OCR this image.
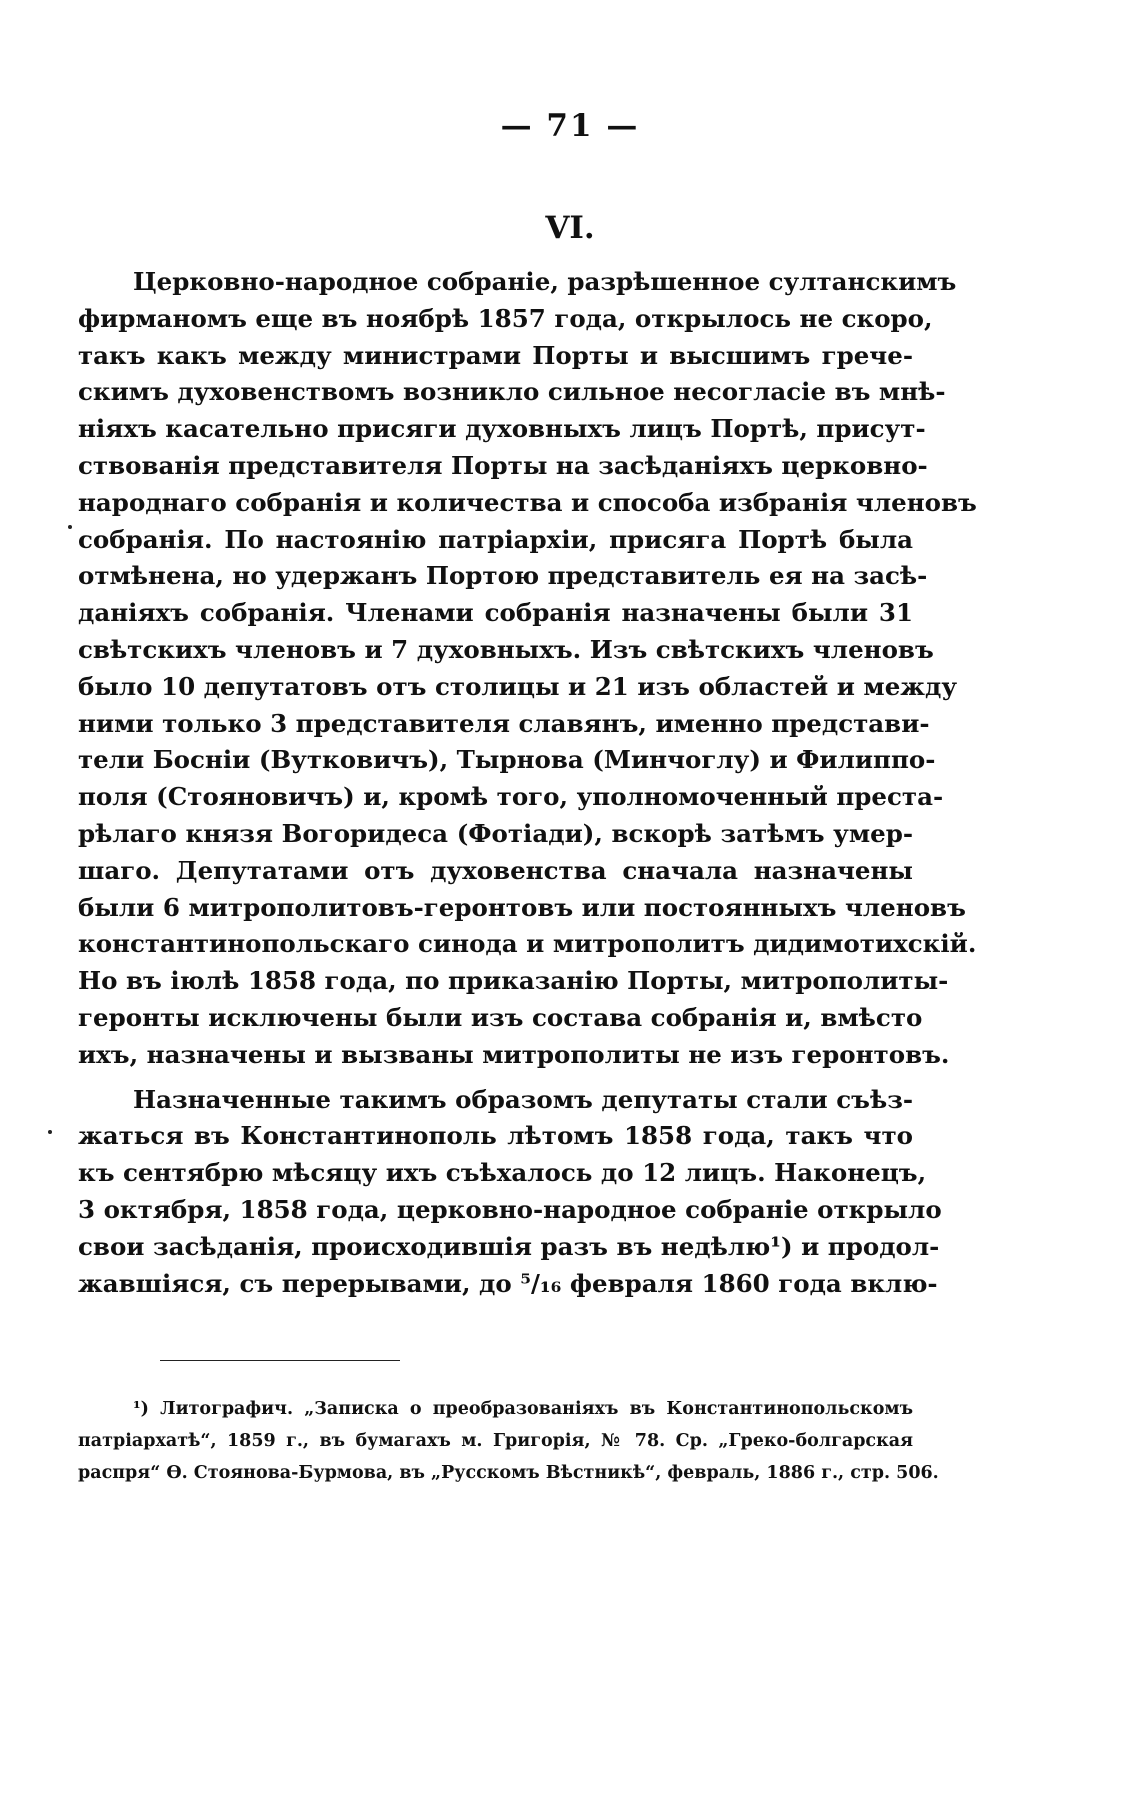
— 71 —
VI.
Церковно-народное собраніе, разрѣшенное султанскимъ
фирманомъ еще въ ноябрѣ 1857 года, открылось не скоро,
такъ какъ между министрами Порты и высшимъ грече-
скимъ духовенствомъ возникло сильное несогласіе въ мнѣ-
ніяхъ касательно присяги духовныхъ лицъ Портѣ, присут-
ствованія представителя Порты на засѣданіяхъ церковно-
народнаго собранія и количества и способа избранія членовъ
собранія. По настоянію патріархіи, присяга Портѣ была
отмѣнена, но удержанъ Портою представитель ея на засѣ-
даніяхъ собранія. Членами собранія назначены были 31
свѣтскихъ членовъ и 7 духовныхъ. Изъ свѣтскихъ членовъ
было 10 депутатовъ отъ столицы и 21 изъ областей и между
ними только 3 представителя славянъ, именно представи-
тели Босніи (Вутковичъ), Тырнова (Минчоглу) и Филиппо-
поля (Стояновичъ) и, кромѣ того, уполномоченный преста-
рѣлаго князя Вогоридеса (Фотіади), вскорѣ затѣмъ умер-
шаго. Депутатами отъ духовенства сначала назначены
были 6 митрополитовъ-геронтовъ или постоянныхъ членовъ
константинопольскаго синода и митрополитъ дидимотихскій.
Но въ іюлѣ 1858 года, по приказанію Порты, митрополиты-
геронты исключены были изъ состава собранія и, вмѣсто
ихъ, назначены и вызваны митрополиты не изъ геронтовъ.
Назначенные такимъ образомъ депутаты стали съѣз-
жаться въ Константинополь лѣтомъ 1858 года, такъ что
къ сентябрю мѣсяцу ихъ съѣхалось до 12 лицъ. Наконецъ,
3 октября, 1858 года, церковно-народное собраніе открыло
свои засѣданія, происходившія разъ въ недѣлю¹) и продол-
жавшіяся, съ перерывами, до ⁵/₁₆ февраля 1860 года вклю-
¹) Литографич. „Записка о преобразованіяхъ въ Константинопольскомъ
патріархатѣ“, 1859 г., въ бумагахъ м. Григорія, № 78. Ср. „Греко-болгарская
распря“ Ѳ. Стоянова-Бурмова, въ „Русскомъ Вѣстникѣ“, февраль, 1886 г., стр. 506.
